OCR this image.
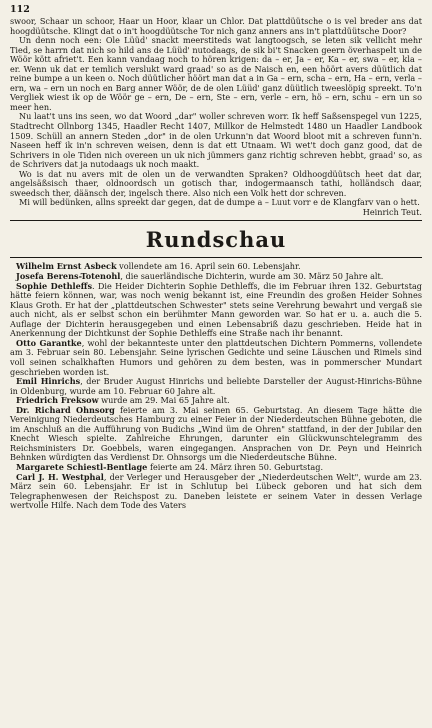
112

swoor, Schaar un schoor, Haar un Hoor, klaar un Chlor. Dat plattdüütsche o is vel breder ans dat hoogdüütsche. Klingt dat o in't hoogdüütsche Tor nich ganz anners ans in't plattdüütsche Door?

Un denn noch een: Ole Lüüd' snackt meerstiteds wat langtoogsch, se leten sik vellicht mehr Tied, se harrn dat nich so hild ans de Lüüd' nutodaags, de sik bi't Snacken geern överhaspelt un de Wöör kött afriet't. Een kann vandaag noch to hören krigen: da – er, Ja – er, Ka – er, swa – er, kla – er. Wenn uk dat er temlich verslukt ward graad' so as de Naisch en, een höört avers düütlich dat reine bumpe a un keen o. Noch düütlicher höört man dat a in Ga – ern, scha – ern, Ha – ern, verla – ern, wa – ern un noch en Barg anner Wöör, de de olen Lüüd' ganz düütlich tweeslöpig spreekt. To'n Vergliek wiest ik op de Wöör ge – ern, De – ern, Ste – ern, verle – ern, hö – ern, schu – ern un so meer hen.

Nu laat't uns ins seen, wo dat Woord „dar" woller schreven worr. Ik heff Saßsenspegel vun 1225, Stadtrecht Ollnborg 1345, Haadler Recht 1407, Millkor de Helmstedt 1480 un Haadler Landbook 1509. Schüll an annern Steden „dor" in de olen Urkunn'n dat Woord bloot mit a schreven funn'n. Naseen heff ik in'n schreven weisen, denn is dat ett Utnaam. Wi wet't doch ganz good, dat de Schrivers in ole Tiden nich overeen un uk nich jümmers ganz richtig schreven hebbt, graad' so, as de Schrivers dat ja nutodaags uk noch maakt.

Wo is dat nu avers mit de olen un de verwandten Spraken? Oldhoogdüütsch heet dat dar, angelsäßsisch thaer, oldnoordsch un gotisch thar, indogermaansch tathi, holländsch daar, sweedsch ther, däänsch der, ingelsch there. Also nich een Volk hett dor schreven.

Mi will bedünken, allns spreekt dar gegen, dat de dumpe a – Luut vorr e de Klangfarv van o hett.

Heinrich Teut.
Rundschau

Wilhelm Ernst Asbeck vollendete am 16. April sein 60. Lebensjahr.

Josefa Berens-Totenohl, die sauerländische Dichterin, wurde am 30. März 50 Jahre alt.

Sophie Dethleffs. Die Heider Dichterin Sophie Dethleffs, die im Februar ihren 132. Geburtstag hätte feiern können, war, was noch wenig bekannt ist, eine Freundin des großen Heider Sohnes Klaus Groth. Er hat der „plattdeutschen Schwester" stets seine Verehrung bewahrt und vergaß sie auch nicht, als er selbst schon ein berühmter Mann geworden war. So hat er u. a. auch die 5. Auflage der Dichterin herausgegeben und einen Lebensabriß dazu geschrieben. Heide hat in Anerkennung der Dichtkunst der Sophie Dethleffs eine Straße nach ihr benannt.

Otto Garantke, wohl der bekannteste unter den plattdeutschen Dichtern Pommerns, vollendete am 3. Februar sein 80. Lebensjahr. Seine lyrischen Gedichte und seine Läuschen und Rimels sind voll seinen schalkhaften Humors und gehören zu dem besten, was in pommerscher Mundart geschrieben worden ist.

Emil Hinrichs, der Bruder August Hinrichs und beliebte Darsteller der August-Hinrichs-Bühne in Oldenburg, wurde am 10. Februar 60 Jahre alt.

Friedrich Freksow wurde am 29. Mai 65 Jahre alt.

Dr. Richard Ohnsorg feierte am 3. Mai seinen 65. Geburtstag. An diesem Tage hätte die Vereinigung Niederdeutsches Hamburg zu einer Feier in der Niederdeutschen Bühne geboten, die im Anschluß an die Aufführung von Budichs „Wind üm de Ohren" stattfand, in der der Jubilar den Knecht Wiesch spielte. Zahlreiche Ehrungen, darunter ein Glückwunschtelegramm des Reichsministers Dr. Goebbels, waren eingegangen. Ansprachen von Dr. Peyn und Heinrich Behnken würdigten das Verdienst Dr. Ohnsorgs um die Niederdeutsche Bühne.

Margarete Schiestl-Bentlage feierte am 24. März ihren 50. Geburtstag.

Carl J. H. Westphal, der Verleger und Herausgeber der „Niederdeutschen Welt", wurde am 23. März sein 60. Lebensjahr. Er ist in Schlutup bei Lübeck geboren und hat sich dem Telegraphenwesen der Reichspost zu. Daneben leistete er seinem Vater in dessen Verlage wertvolle Hilfe. Nach dem Tode des Vaters
